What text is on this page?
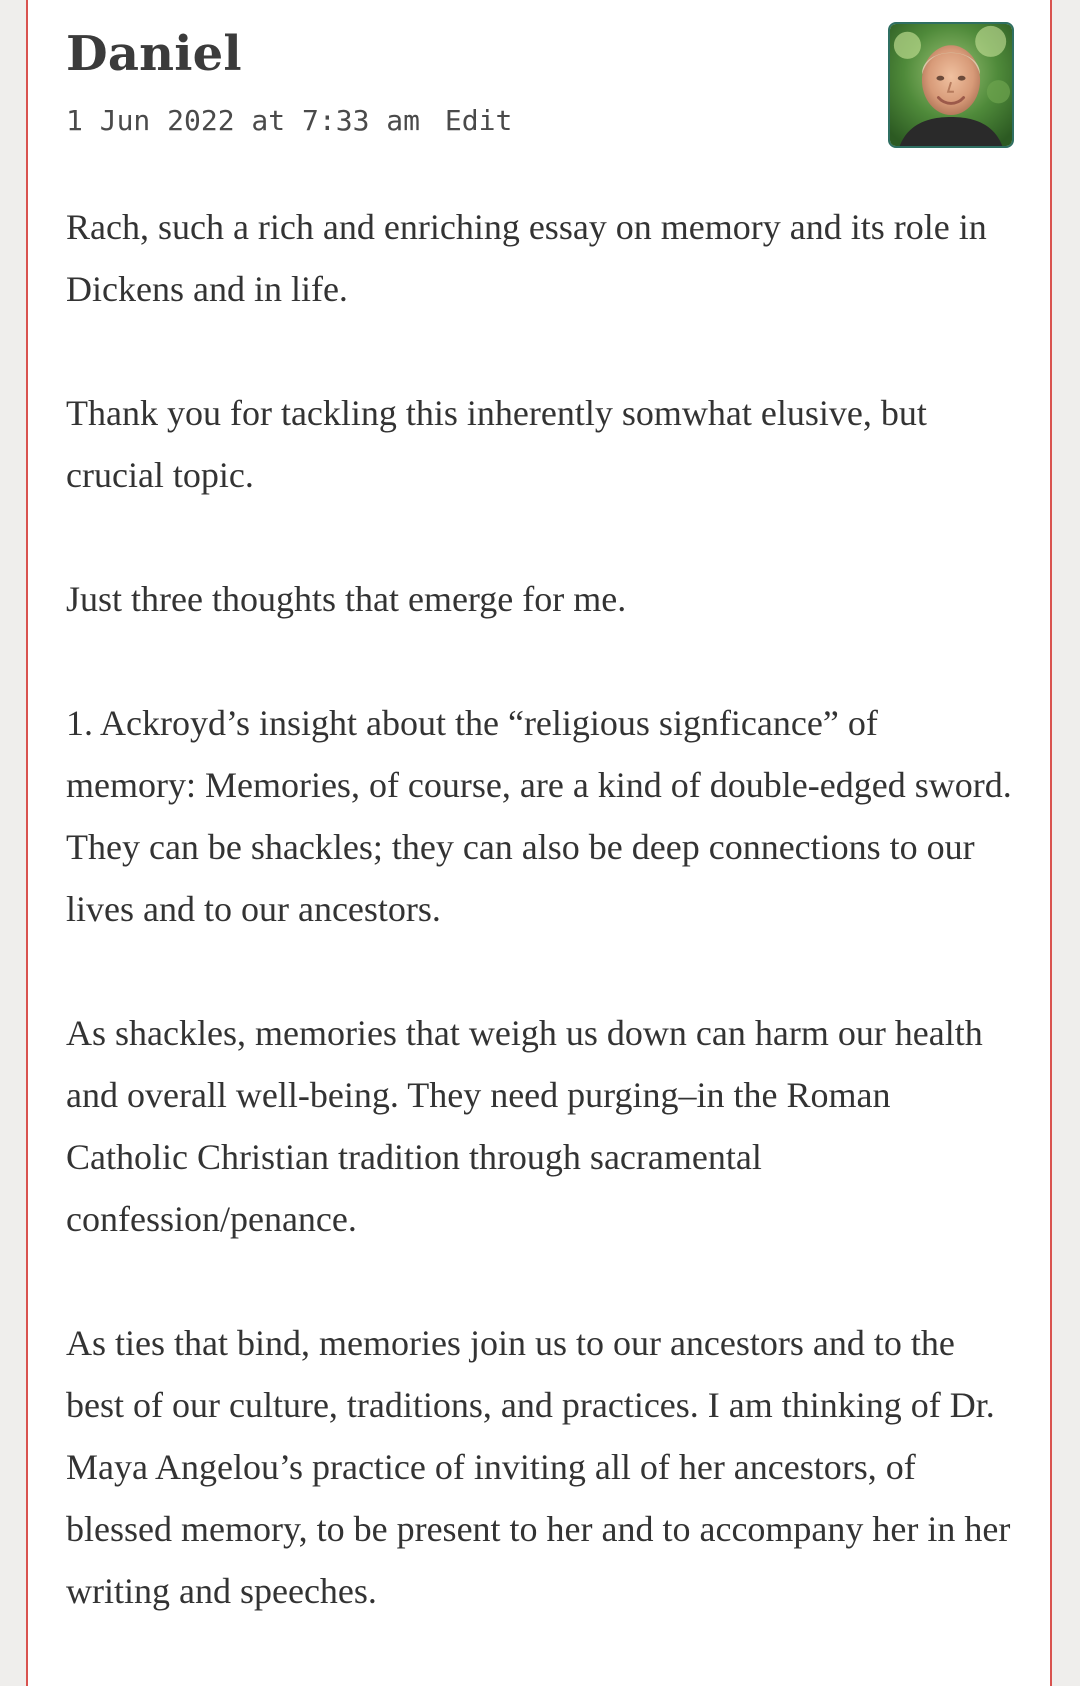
Daniel
1 Jun 2022 at 7:33 am Edit

Rach, such a rich and enriching essay on memory and its role in Dickens and in life.

Thank you for tackling this inherently somwhat elusive, but crucial topic.

Just three thoughts that emerge for me.

1. Ackroyd’s insight about the “religious signficance” of memory: Memories, of course, are a kind of double-edged sword. They can be shackles; they can also be deep connections to our lives and to our ancestors.

As shackles, memories that weigh us down can harm our health and overall well-being. They need purging–in the Roman Catholic Christian tradition through sacramental confession/penance.

As ties that bind, memories join us to our ancestors and to the best of our culture, traditions, and practices. I am thinking of Dr. Maya Angelou’s practice of inviting all of her ancestors, of blessed memory, to be present to her and to accompany her in her writing and speeches.
